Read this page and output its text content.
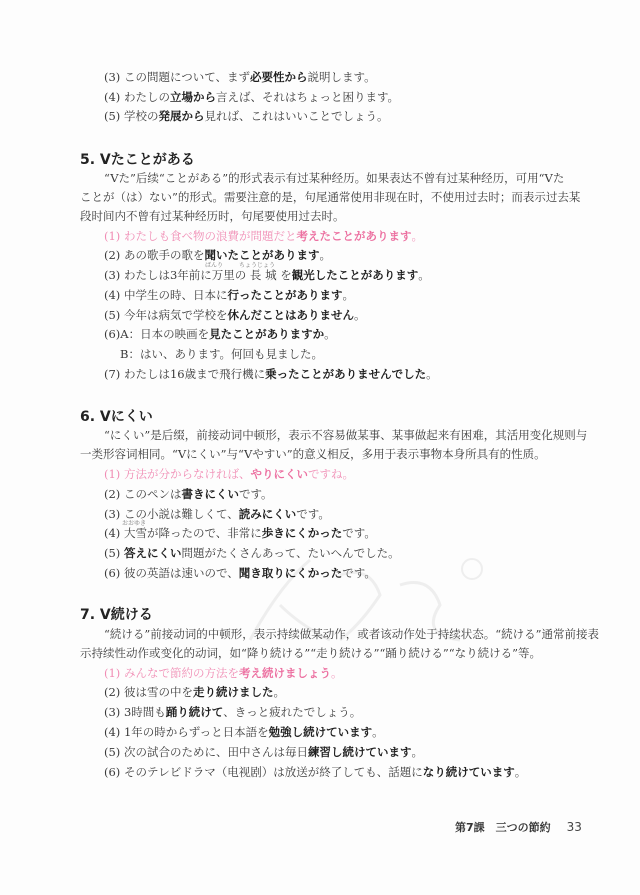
(3) この問題について、まず必要性から説明します。
(4) わたしの立場から言えば、それはちょっと困ります。
(5) 学校の発展から見れば、これはいいことでしょう。
5. Vたことがある
“Vた”后续“ことがある”的形式表示有过某种经历。如果表达不曾有过某种经历，可用“Vた
ことが（は）ない”的形式。需要注意的是，句尾通常使用非现在时，不使用过去时；而表示过去某
段时间内不曾有过某种经历时，句尾要使用过去时。
(1) わたしも食べ物の浪費が問題だと考えたことがあります。
(2) あの歌手の歌を聞いたことがあります。
ばんり	ちょうじょう
(3) わたしは3年前に万里の 長 城 を観光したことがあります。
(4) 中学生の時、日本に行ったことがあります。
(5) 今年は病気で学校を休んだことはありません。
(6)A：日本の映画を見たことがありますか。
B：はい、あります。何回も見ました。
(7) わたしは16歳まで飛行機に乗ったことがありませんでした。
6. Vにくい
“にくい”是后缀，前接动词中顿形，表示不容易做某事、某事做起来有困难，其活用变化规则与
一类形容词相同。“Vにくい”与“Vやすい”的意义相反，多用于表示事物本身所具有的性质。
(1) 方法が分からなければ、やりにくいですね。
(2) このペンは書きにくいです。
(3) この小説は難しくて、読みにくいです。
おおゆき
(4) 大雪が降ったので、非常に歩きにくかったです。
(5) 答えにくい問題がたくさんあって、たいへんでした。
(6) 彼の英語は速いので、聞き取りにくかったです。
7. V続ける
“続ける”前接动词的中顿形，表示持续做某动作，或者该动作处于持续状态。“続ける”通常前接表
示持续性动作或变化的动词，如“降り続ける”“走り続ける”“踊り続ける”“なり続ける”等。
(1) みんなで節約の方法を考え続けましょう。
(2) 彼は雪の中を走り続けました。
(3) 3時間も踊り続けて、きっと疲れたでしょう。
(4) 1年の時からずっと日本語を勉強し続けています。
(5) 次の試合のために、田中さんは毎日練習し続けています。
(6) そのテレビドラマ（电视剧）は放送が終了しても、話題になり続けています。
第7課　三つの節約 33
